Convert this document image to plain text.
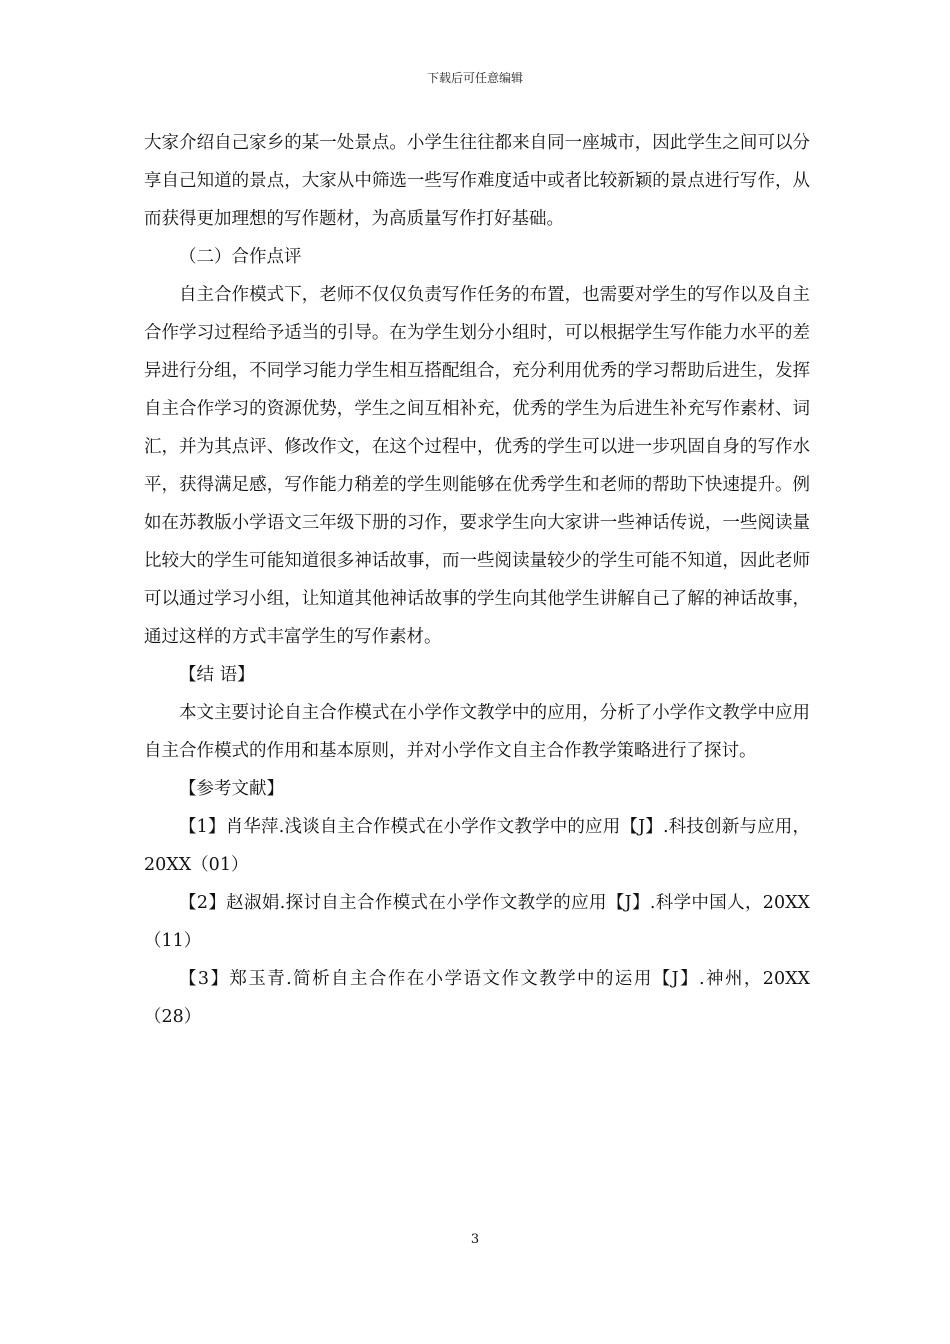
下载后可任意编辑

大家介绍自己家乡的某一处景点。小学生往往都来自同一座城市，因此学生之间可以分享自己知道的景点，大家从中筛选一些写作难度适中或者比较新颖的景点进行写作，从而获得更加理想的写作题材，为高质量写作打好基础。

（二）合作点评

自主合作模式下，老师不仅仅负责写作任务的布置，也需要对学生的写作以及自主合作学习过程给予适当的引导。在为学生划分小组时，可以根据学生写作能力水平的差异进行分组，不同学习能力学生相互搭配组合，充分利用优秀的学习帮助后进生，发挥自主合作学习的资源优势，学生之间互相补充，优秀的学生为后进生补充写作素材、词汇，并为其点评、修改作文，在这个过程中，优秀的学生可以进一步巩固自身的写作水平，获得满足感，写作能力稍差的学生则能够在优秀学生和老师的帮助下快速提升。例如在苏教版小学语文三年级下册的习作，要求学生向大家讲一些神话传说，一些阅读量比较大的学生可能知道很多神话故事，而一些阅读量较少的学生可能不知道，因此老师可以通过学习小组，让知道其他神话故事的学生向其他学生讲解自己了解的神话故事，通过这样的方式丰富学生的写作素材。

【结 语】

本文主要讨论自主合作模式在小学作文教学中的应用，分析了小学作文教学中应用自主合作模式的作用和基本原则，并对小学作文自主合作教学策略进行了探讨。

【参考文献】

【1】肖华萍.浅谈自主合作模式在小学作文教学中的应用【J】.科技创新与应用，20XX（01）

【2】赵淑娟.探讨自主合作模式在小学作文教学的应用【J】.科学中国人，20XX（11）

【3】郑玉青.简析自主合作在小学语文作文教学中的运用【J】.神州，20XX（28）

3
